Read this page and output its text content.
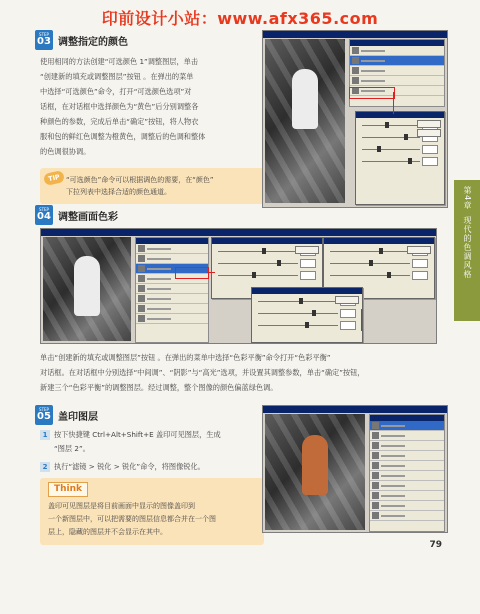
印前设计小站：www.afx365.com
STEP
03 调整指定的颜色
使用相同的方法创建“可选颜色 1”调整图层，单击
“创建新的填充或调整图层”按钮 。在弹出的菜单
中选择“可选颜色”命令，打开“可选颜色选项”对
话框，在对话框中选择颜色为“黄色”后分别调整各
种颜色的参数，完成后单击“确定”按钮，将人物衣
服和包的鲜红色调整为橙黄色，调整后的色调和整体
的色调很协调。
TIP “可选颜色”命令可以根据调色的需要，在“颜色”
下拉列表中选择合适的颜色通道。
STEP
04 调整画面色彩
单击“创建新的填充或调整图层”按钮 。在弹出的菜单中选择“色彩平衡”命令打开“色彩平衡”
对话框。在对话框中分别选择“中间调”、“阴影”与“高光”选项，并设置其调整参数，单击“确定”按钮，
新建三个“色彩平衡”的调整图层。经过调整，整个图像的颜色偏蓝绿色调。
STEP
05 盖印图层
1 按下快捷键 Ctrl+Alt+Shift+E 盖印可见图层，生成
“图层 2”。
2 执行“滤镜 > 锐化 > 锐化”命令，将图像锐化。
Think
盖印可见图层是将目前画面中显示的图像盖印到
一个新图层中，可以把需要的图层信息都合并在一个图
层上，隐藏的图层并不会显示在其中。
第4章
现代的色调风格
79
